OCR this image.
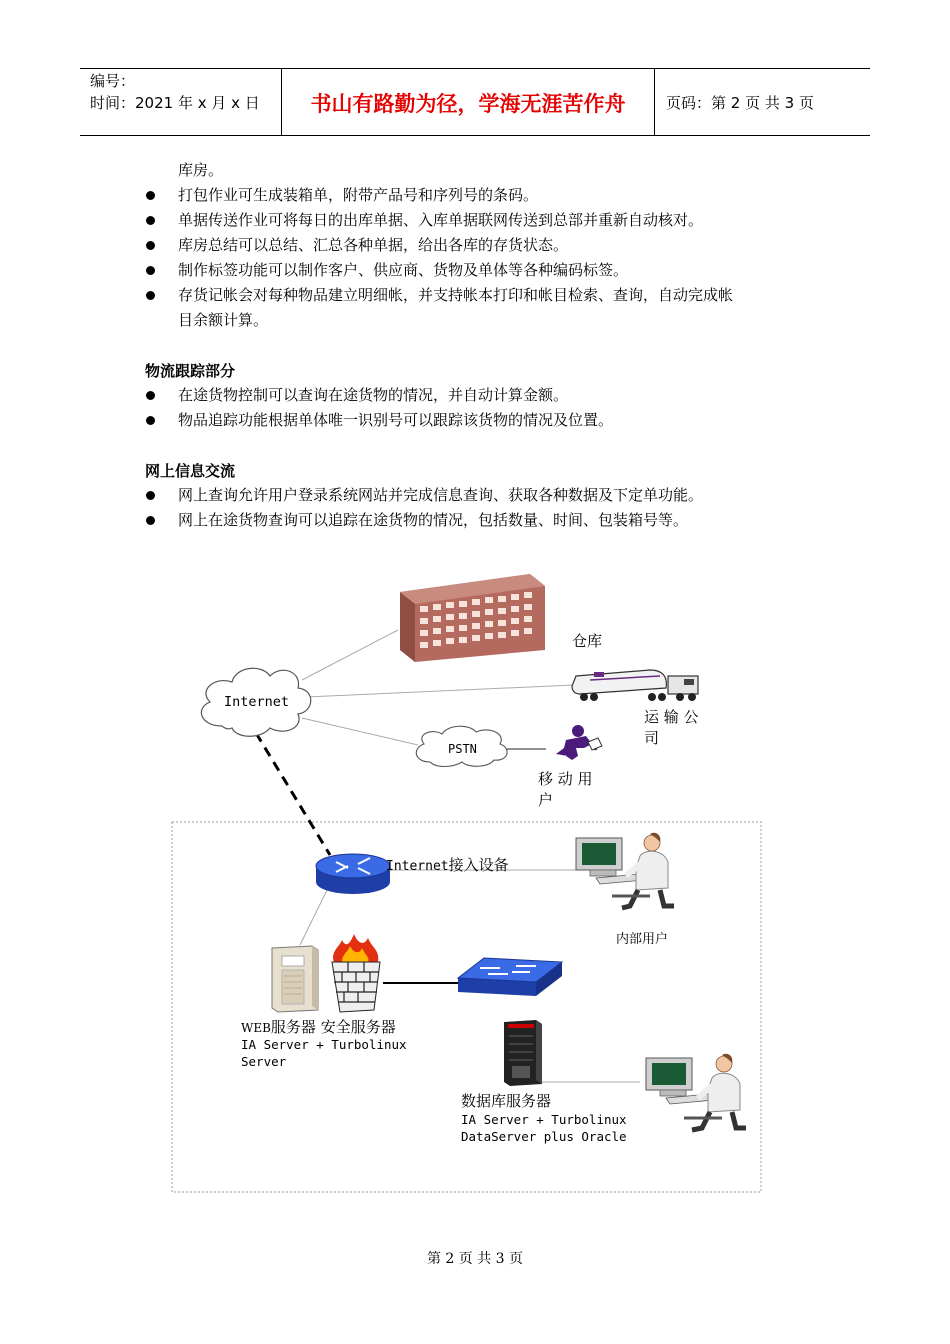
编号：
时间：2021 年 x 月 x 日	书山有路勤为径，学海无涯苦作舟	页码：第 2 页 共 3 页
库房。
打包作业可生成装箱单，附带产品号和序列号的条码。
单据传送作业可将每日的出库单据、入库单据联网传送到总部并重新自动核对。
库房总结可以总结、汇总各种单据，给出各库的存货状态。
制作标签功能可以制作客户、供应商、货物及单体等各种编码标签。
存货记帐会对每种物品建立明细帐，并支持帐本打印和帐目检索、查询，自动完成帐
目余额计算。
物流跟踪部分
在途货物控制可以查询在途货物的情况，并自动计算金额。
物品追踪功能根据单体唯一识别号可以跟踪该货物的情况及位置。
网上信息交流
网上查询允许用户登录系统网站并完成信息查询、获取各种数据及下定单功能。
网上在途货物查询可以追踪在途货物的情况，包括数量、时间、包装箱号等。
Internet
PSTN
仓库
运 输 公
司
移 动 用
户
Internet接入设备
内部用户
WEB服务器 安全服务器
IA Server + Turbolinux
Server
数据库服务器
IA Server + Turbolinux
DataServer plus Oracle
第 2 页 共 3 页
